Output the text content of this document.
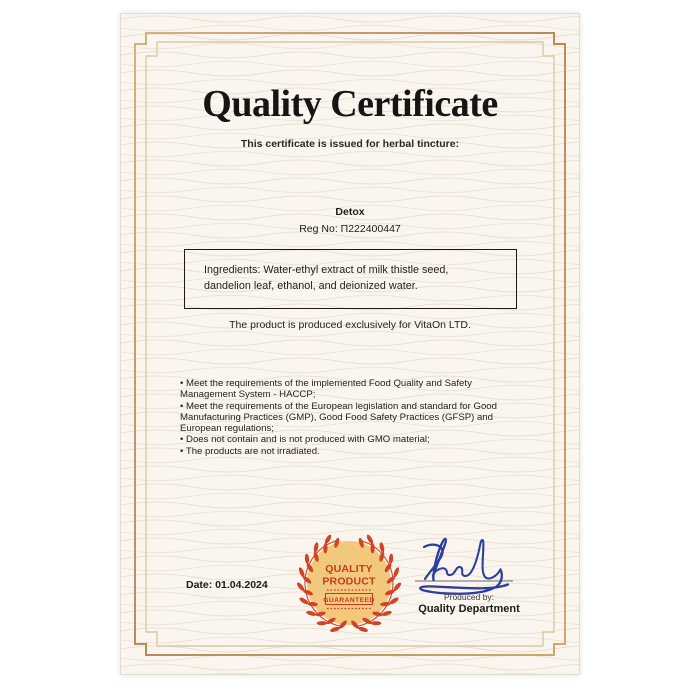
Quality Certificate
This certificate is issued for herbal tincture:
Detox
Reg No: П222400447
Ingredients: Water-ethyl extract of milk thistle seed, dandelion leaf, ethanol, and deionized water.
The product is produced exclusively for VitaOn LTD.
• Meet the requirements of the implemented Food Quality and Safety Management System - HACCP;
• Meet the requirements of the European legislation and standard for Good Manufacturing Practices (GMP), Good Food Safety Practices (GFSP) and European regulations;
• Does not contain and is not produced with GMO material;
• The products are not irradiated.
Date: 01.04.2024
QUALITY
PRODUCT
GUARANTEED	Produced by:
Quality Department
